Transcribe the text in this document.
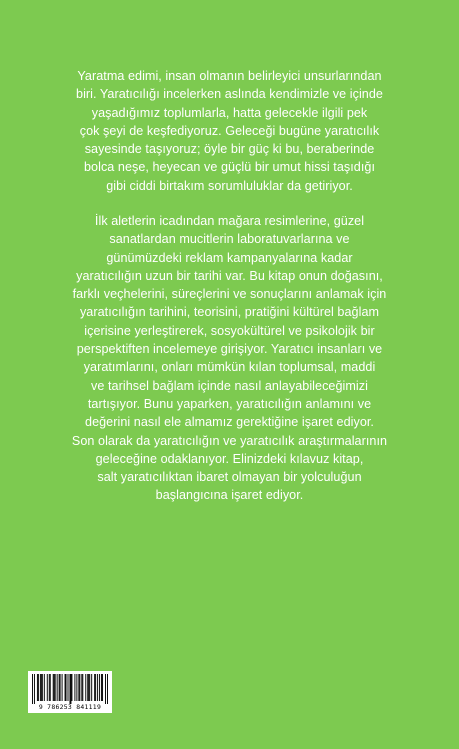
Yaratma edimi, insan olmanın belirleyici unsurlarından
biri. Yaratıcılığı incelerken aslında kendimizle ve içinde
yaşadığımız toplumlarla, hatta gelecekle ilgili pek
çok şeyi de keşfediyoruz. Geleceği bugüne yaratıcılık
sayesinde taşıyoruz; öyle bir güç ki bu, beraberinde
bolca neşe, heyecan ve güçlü bir umut hissi taşıdığı
gibi ciddi birtakım sorumluluklar da getiriyor.
İlk aletlerin icadından mağara resimlerine, güzel
sanatlardan mucitlerin laboratuvarlarına ve
günümüzdeki reklam kampanyalarına kadar
yaratıcılığın uzun bir tarihi var. Bu kitap onun doğasını,
farklı veçhelerini, süreçlerini ve sonuçlarını anlamak için
yaratıcılığın tarihini, teorisini, pratiğini kültürel bağlam
içerisine yerleştirerek, sosyokültürel ve psikolojik bir
perspektiften incelemeye girişiyor. Yaratıcı insanları ve
yaratımlarını, onları mümkün kılan toplumsal, maddi
ve tarihsel bağlam içinde nasıl anlayabileceğimizi
tartışıyor. Bunu yaparken, yaratıcılığın anlamını ve
değerini nasıl ele almamız gerektiğine işaret ediyor.
Son olarak da yaratıcılığın ve yaratıcılık araştırmalarının
geleceğine odaklanıyor. Elinizdeki kılavuz kitap,
salt yaratıcılıktan ibaret olmayan bir yolculuğun
başlangıcına işaret ediyor.
9 786253 841119
